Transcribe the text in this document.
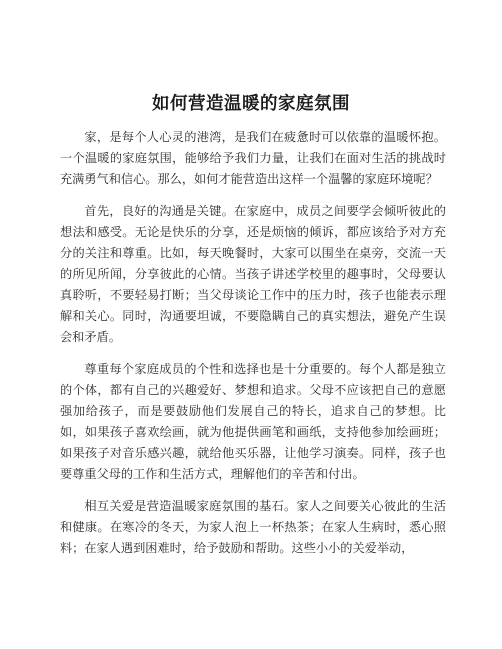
如何营造温暖的家庭氛围

家，是每个人心灵的港湾，是我们在疲惫时可以依靠的温暖怀抱。一个温暖的家庭氛围，能够给予我们力量，让我们在面对生活的挑战时充满勇气和信心。那么，如何才能营造出这样一个温馨的家庭环境呢？

首先，良好的沟通是关键。在家庭中，成员之间要学会倾听彼此的想法和感受。无论是快乐的分享，还是烦恼的倾诉，都应该给予对方充分的关注和尊重。比如，每天晚餐时，大家可以围坐在桌旁，交流一天的所见所闻，分享彼此的心情。当孩子讲述学校里的趣事时，父母要认真聆听，不要轻易打断；当父母谈论工作中的压力时，孩子也能表示理解和关心。同时，沟通要坦诚，不要隐瞒自己的真实想法，避免产生误会和矛盾。

尊重每个家庭成员的个性和选择也是十分重要的。每个人都是独立的个体，都有自己的兴趣爱好、梦想和追求。父母不应该把自己的意愿强加给孩子，而是要鼓励他们发展自己的特长，追求自己的梦想。比如，如果孩子喜欢绘画，就为他提供画笔和画纸，支持他参加绘画班；如果孩子对音乐感兴趣，就给他买乐器，让他学习演奏。同样，孩子也要尊重父母的工作和生活方式，理解他们的辛苦和付出。

相互关爱是营造温暖家庭氛围的基石。家人之间要关心彼此的生活和健康。在寒冷的冬天，为家人泡上一杯热茶；在家人生病时，悉心照料；在家人遇到困难时，给予鼓励和帮助。这些小小的关爱举动，
